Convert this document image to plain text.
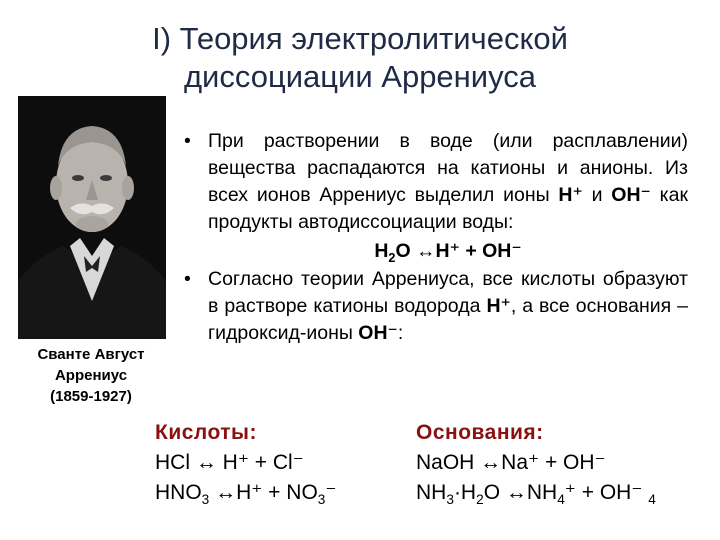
I) Теория электролитической
диссоциации Аррениуса
Сванте Август
Аррениус
(1859-1927)
• При растворении в воде (или расплавлении) вещества распадаются на катионы и анионы. Из всех ионов Аррениус выделил ионы H⁺ и OH⁻ как продукты автодиссоциации воды:
$H_2O$ ↔H⁺ + OH⁻
• Согласно теории Аррениуса, все кислоты образуют в растворе катионы водорода H⁺, а все основания – гидроксид-ионы OH⁻:
Кислоты:
HCl ↔ H⁺ + Cl⁻
$HNO_3$ ↔H⁺ + $NO_3^-$
Основания:
NaOH ↔Na⁺ + OH⁻
$NH_3\cdot H_2O$ $\leftrightarrow NH_4^+ + OH^-$ $_4$
